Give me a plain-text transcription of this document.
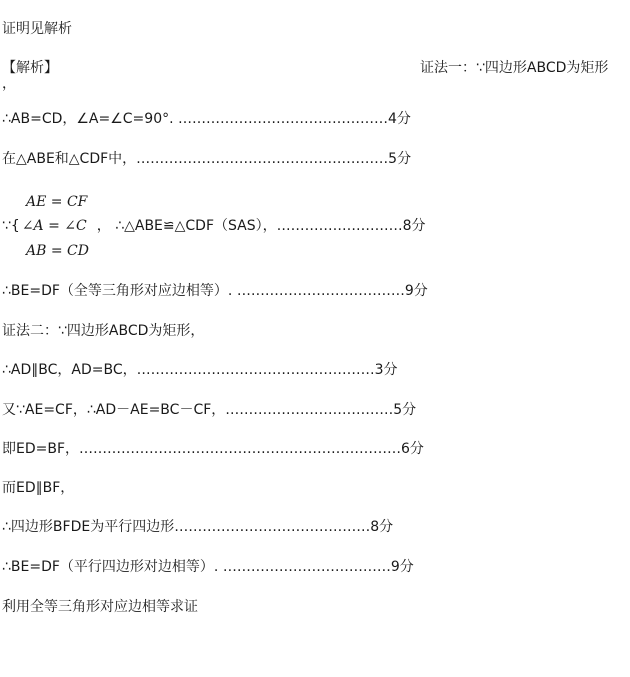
证明见解析
【解析】	证法一：∵四边形ABCD为矩形
，
∴AB=CD，∠A=∠C=90°. ………………………………………4分
在△ABE和△CDF中，………………………………………………5分
AE = CF
∵{ ∠A = ∠C ， ∴△ABE≌△CDF（SAS），………………………8分
AB = CD
∴BE=DF（全等三角形对应边相等）. ………………………………9分
证法二：∵四边形ABCD为矩形，
∴AD∥BC，AD=BC，……………………………………………3分
又∵AE=CF，∴AD－AE=BC－CF，………………………………5分
即ED=BF，……………………………………………………………6分
而ED∥BF，
∴四边形BFDE为平行四边形……………………………………8分
∴BE=DF（平行四边形对边相等）. ………………………………9分
利用全等三角形对应边相等求证
